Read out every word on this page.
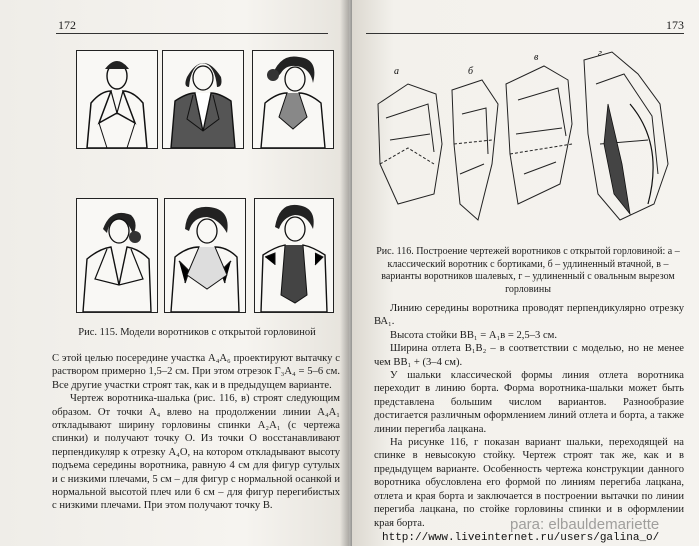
172
Рис. 115. Модели воротников с открытой горловиной

С этой целью посередине участка А₄А₆ проектируют вытачку с раствором примерно 1,5–2 см. При этом отрезок Г₃А₄ = 5–6 см. Все другие участки строят так, как и в предыдущем варианте.

Чертеж воротника-шалька (рис. 116, в) строят следующим образом. От точки А₄ влево на продолжении линии А₄А₁ откладывают ширину горловины спинки А₂А₁ (с чертежа спинки) и получают точку О. Из точки О восстанавливают перпендикуляр к отрезку А₄О, на котором откладывают высоту подъема середины воротника, равную 4 см для фигур сутулых и с низкими плечами, 5 см – для фигур с нормальной осанкой и нормальной высотой плеч или 6 см – для фигур перегибистых с низкими плечами. При этом получают точку В.

173
а	б
в	г
Рис. 116. Построение чертежей воротников с открытой горловиной: а – классический воротник с бортиками, б – удлиненный втачной, в – варианты воротников шалевых, г – удлиненный с овальным вырезом горловины

Линию середины воротника проводят перпендикулярно отрезку ВА₁.

Высота стойки ВВ₁ = А₁в = 2,5–3 см.

Ширина отлета В₁В₂ – в соответствии с моделью, но не менее чем ВВ₁ + (3–4 см).

У шальки классической формы линия отлета воротника переходит в линию борта. Форма воротника-шальки может быть представлена большим числом вариантов. Разнообразие достигается различным оформлением линий отлета и борта, а также линии перегиба лацкана.

На рисунке 116, г показан вариант шальки, переходящей на спинке в невысокую стойку. Чертеж строят так же, как и в предыдущем варианте. Особенность чертежа конструкции данного воротника обусловлена его формой по линиям перегиба лацкана, отлета и края борта и заключается в построении вытачки по линии перегиба лацкана, по стойке горловины спинки и в оформлении края борта.	para: elbauldemariette
http://www.liveinternet.ru/users/galina_o/
